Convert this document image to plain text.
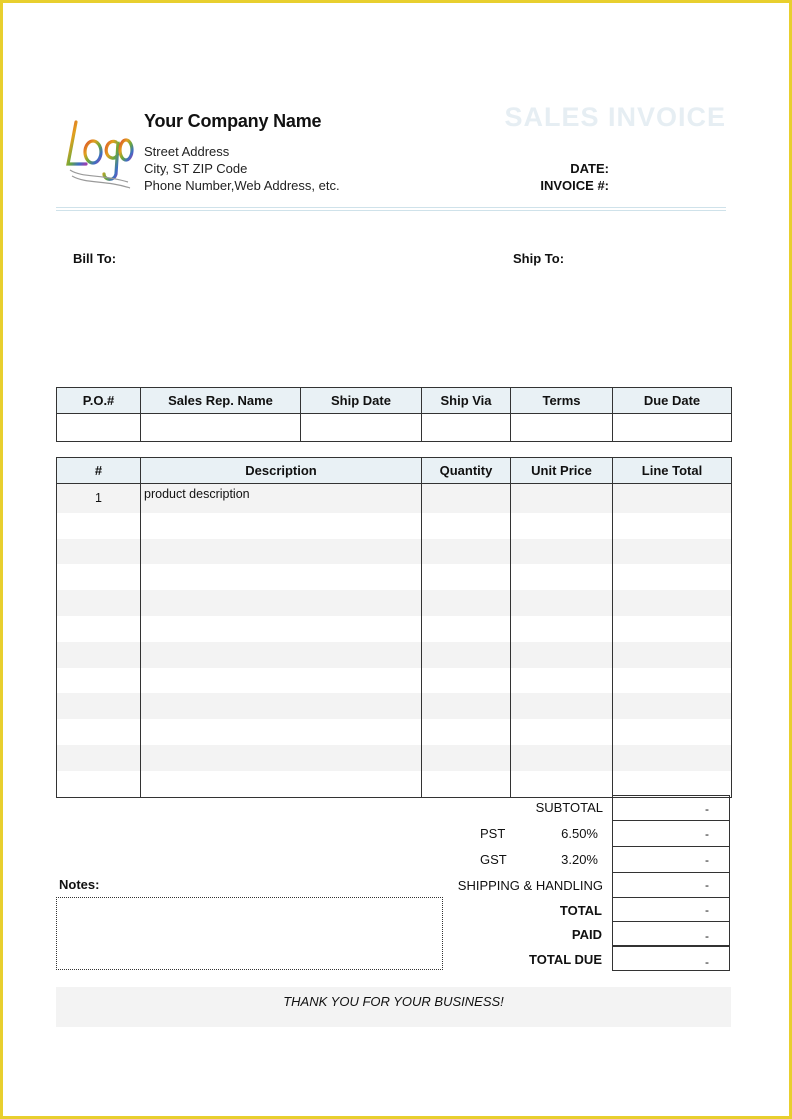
Your Company Name
Street Address
City, ST ZIP Code
Phone Number,Web Address, etc.
SALES INVOICE
DATE:
INVOICE #:
Bill To:	Ship To:
P.O.#	Sales Rep. Name	Ship Date	Ship Via	Terms	Due Date

#	Description	Quantity	Unit Price	Line Total
1	product description			

SUBTOTAL	-
PST	6.50%	-
GST	3.20%	-
SHIPPING & HANDLING	-
TOTAL	-
PAID	-
TOTAL DUE	-
Notes:
THANK YOU FOR YOUR BUSINESS!
